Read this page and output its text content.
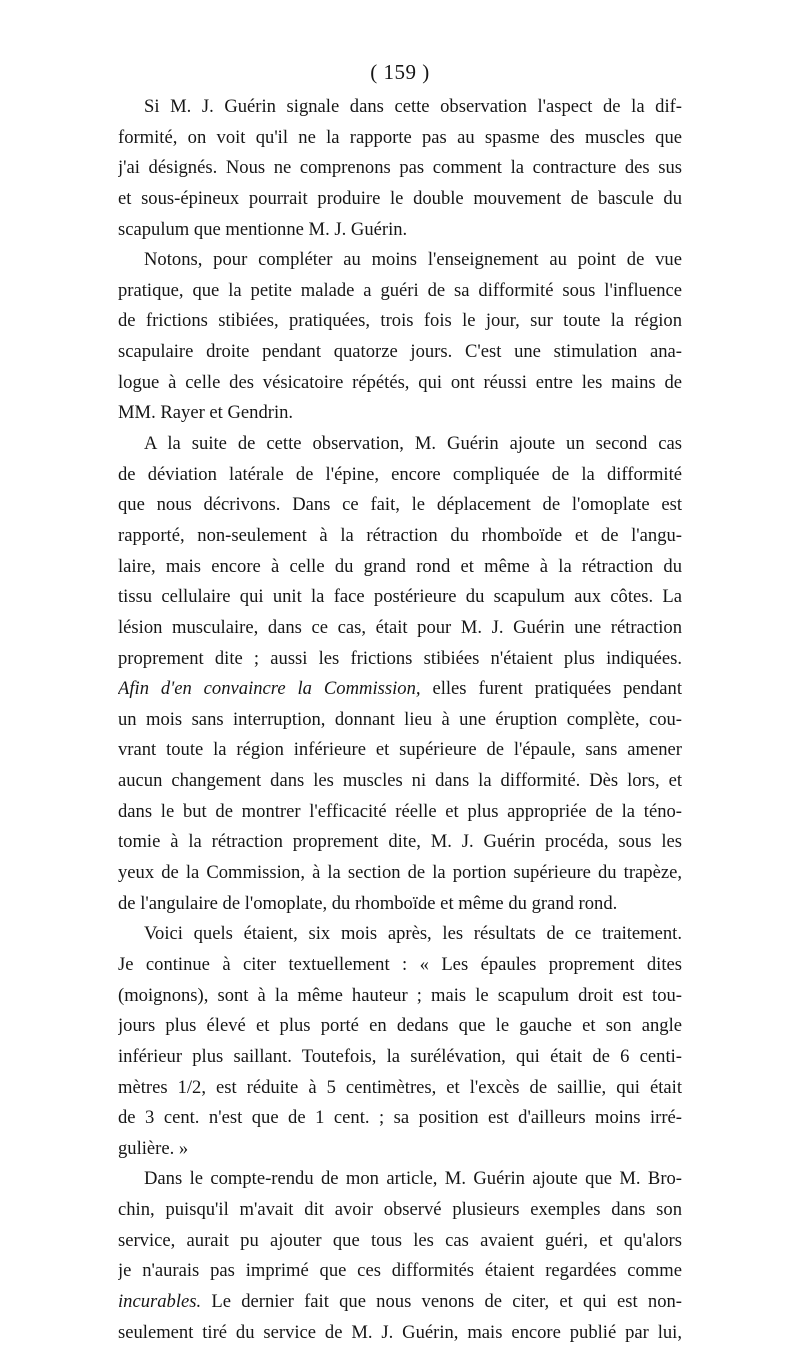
( 159 )
Si M. J. Guérin signale dans cette observation l'aspect de la dif-
formité, on voit qu'il ne la rapporte pas au spasme des muscles que
j'ai désignés. Nous ne comprenons pas comment la contracture des sus
et sous-épineux pourrait produire le double mouvement de bascule du
scapulum que mentionne M. J. Guérin.
Notons, pour compléter au moins l'enseignement au point de vue
pratique, que la petite malade a guéri de sa difformité sous l'influence
de frictions stibiées, pratiquées, trois fois le jour, sur toute la région
scapulaire droite pendant quatorze jours. C'est une stimulation ana-
logue à celle des vésicatoire répétés, qui ont réussi entre les mains de
MM. Rayer et Gendrin.
A la suite de cette observation, M. Guérin ajoute un second cas
de déviation latérale de l'épine, encore compliquée de la difformité
que nous décrivons. Dans ce fait, le déplacement de l'omoplate est
rapporté, non-seulement à la rétraction du rhomboïde et de l'angu-
laire, mais encore à celle du grand rond et même à la rétraction du
tissu cellulaire qui unit la face postérieure du scapulum aux côtes. La
lésion musculaire, dans ce cas, était pour M. J. Guérin une rétraction
proprement dite ; aussi les frictions stibiées n'étaient plus indiquées.
Afin d'en convaincre la Commission, elles furent pratiquées pendant
un mois sans interruption, donnant lieu à une éruption complète, cou-
vrant toute la région inférieure et supérieure de l'épaule, sans amener
aucun changement dans les muscles ni dans la difformité. Dès lors, et
dans le but de montrer l'efficacité réelle et plus appropriée de la téno-
tomie à la rétraction proprement dite, M. J. Guérin procéda, sous les
yeux de la Commission, à la section de la portion supérieure du trapèze,
de l'angulaire de l'omoplate, du rhomboïde et même du grand rond.
Voici quels étaient, six mois après, les résultats de ce traitement.
Je continue à citer textuellement : « Les épaules proprement dites
(moignons), sont à la même hauteur ; mais le scapulum droit est tou-
jours plus élevé et plus porté en dedans que le gauche et son angle
inférieur plus saillant. Toutefois, la surélévation, qui était de 6 centi-
mètres 1/2, est réduite à 5 centimètres, et l'excès de saillie, qui était
de 3 cent. n'est que de 1 cent. ; sa position est d'ailleurs moins irré-
gulière. »
Dans le compte-rendu de mon article, M. Guérin ajoute que M. Bro-
chin, puisqu'il m'avait dit avoir observé plusieurs exemples dans son
service, aurait pu ajouter que tous les cas avaient guéri, et qu'alors
je n'aurais pas imprimé que ces difformités étaient regardées comme
incurables. Le dernier fait que nous venons de citer, et qui est non-
seulement tiré du service de M. J. Guérin, mais encore publié par lui,
